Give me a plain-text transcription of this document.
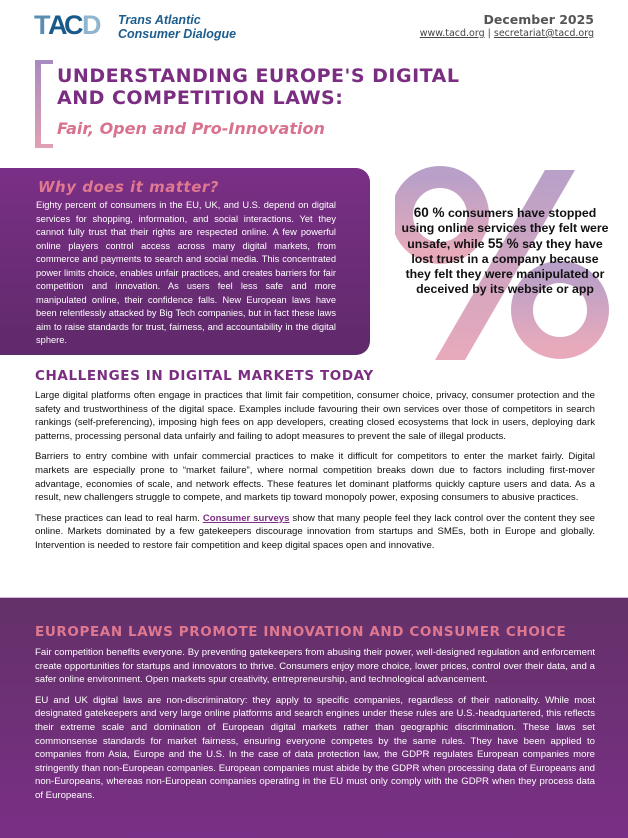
T A C D Trans Atlantic
Consumer Dialogue
December 2025
www.tacd.org | secretariat@tacd.org
UNDERSTANDING EUROPE'S DIGITAL
AND COMPETITION LAWS:
Fair, Open and Pro-Innovation
Why does it matter?
Eighty percent of consumers in the EU, UK, and U.S. depend on digital services for shopping, information, and social interactions. Yet they cannot fully trust that their rights are respected online. A few powerful online players control access across many digital markets, from commerce and payments to search and social media. This concentrated power limits choice, enables unfair practices, and creates barriers for fair competition and innovation. As users feel less safe and more manipulated online, their confidence falls. New European laws have been relentlessly attacked by Big Tech companies, but in fact these laws aim to raise standards for trust, fairness, and accountability in the digital sphere.
60 % consumers have stopped using online services they felt were unsafe, while 55 % say they have lost trust in a company because they felt they were manipulated or deceived by its website or app
CHALLENGES IN DIGITAL MARKETS TODAY

Large digital platforms often engage in practices that limit fair competition, consumer choice, privacy, consumer protection and the safety and trustworthiness of the digital space. Examples include favouring their own services over those of competitors in search rankings (self-preferencing), imposing high fees on app developers, creating closed ecosystems that lock in users, deploying dark patterns, processing personal data unfairly and failing to adopt measures to prevent the sale of illegal products.

Barriers to entry combine with unfair commercial practices to make it difficult for competitors to enter the market fairly. Digital markets are especially prone to “market failure”, where normal competition breaks down due to factors including first-mover advantage, economies of scale, and network effects. These features let dominant platforms quickly capture users and data. As a result, new challengers struggle to compete, and markets tip toward monopoly power, exposing consumers to abusive practices.

These practices can lead to real harm. Consumer surveys show that many people feel they lack control over the content they see online. Markets dominated by a few gatekeepers discourage innovation from startups and SMEs, both in Europe and globally. Intervention is needed to restore fair competition and keep digital spaces open and innovative.

EUROPEAN LAWS PROMOTE INNOVATION AND CONSUMER CHOICE

Fair competition benefits everyone. By preventing gatekeepers from abusing their power, well-designed regulation and enforcement create opportunities for startups and innovators to thrive. Consumers enjoy more choice, lower prices, control over their data, and a safer online environment. Open markets spur creativity, entrepreneurship, and technological advancement.

EU and UK digital laws are non-discriminatory: they apply to specific companies, regardless of their nationality. While most designated gatekeepers and very large online platforms and search engines under these rules are U.S.-headquartered, this reflects their extreme scale and domination of European digital markets rather than geographic discrimination. These laws set commonsense standards for market fairness, ensuring everyone competes by the same rules. They have been applied to companies from Asia, Europe and the U.S. In the case of data protection law, the GDPR regulates European companies more stringently than non-European companies. European companies must abide by the GDPR when processing data of Europeans and non-Europeans, whereas non-European companies operating in the EU must only comply with the GDPR when they process data of Europeans.
